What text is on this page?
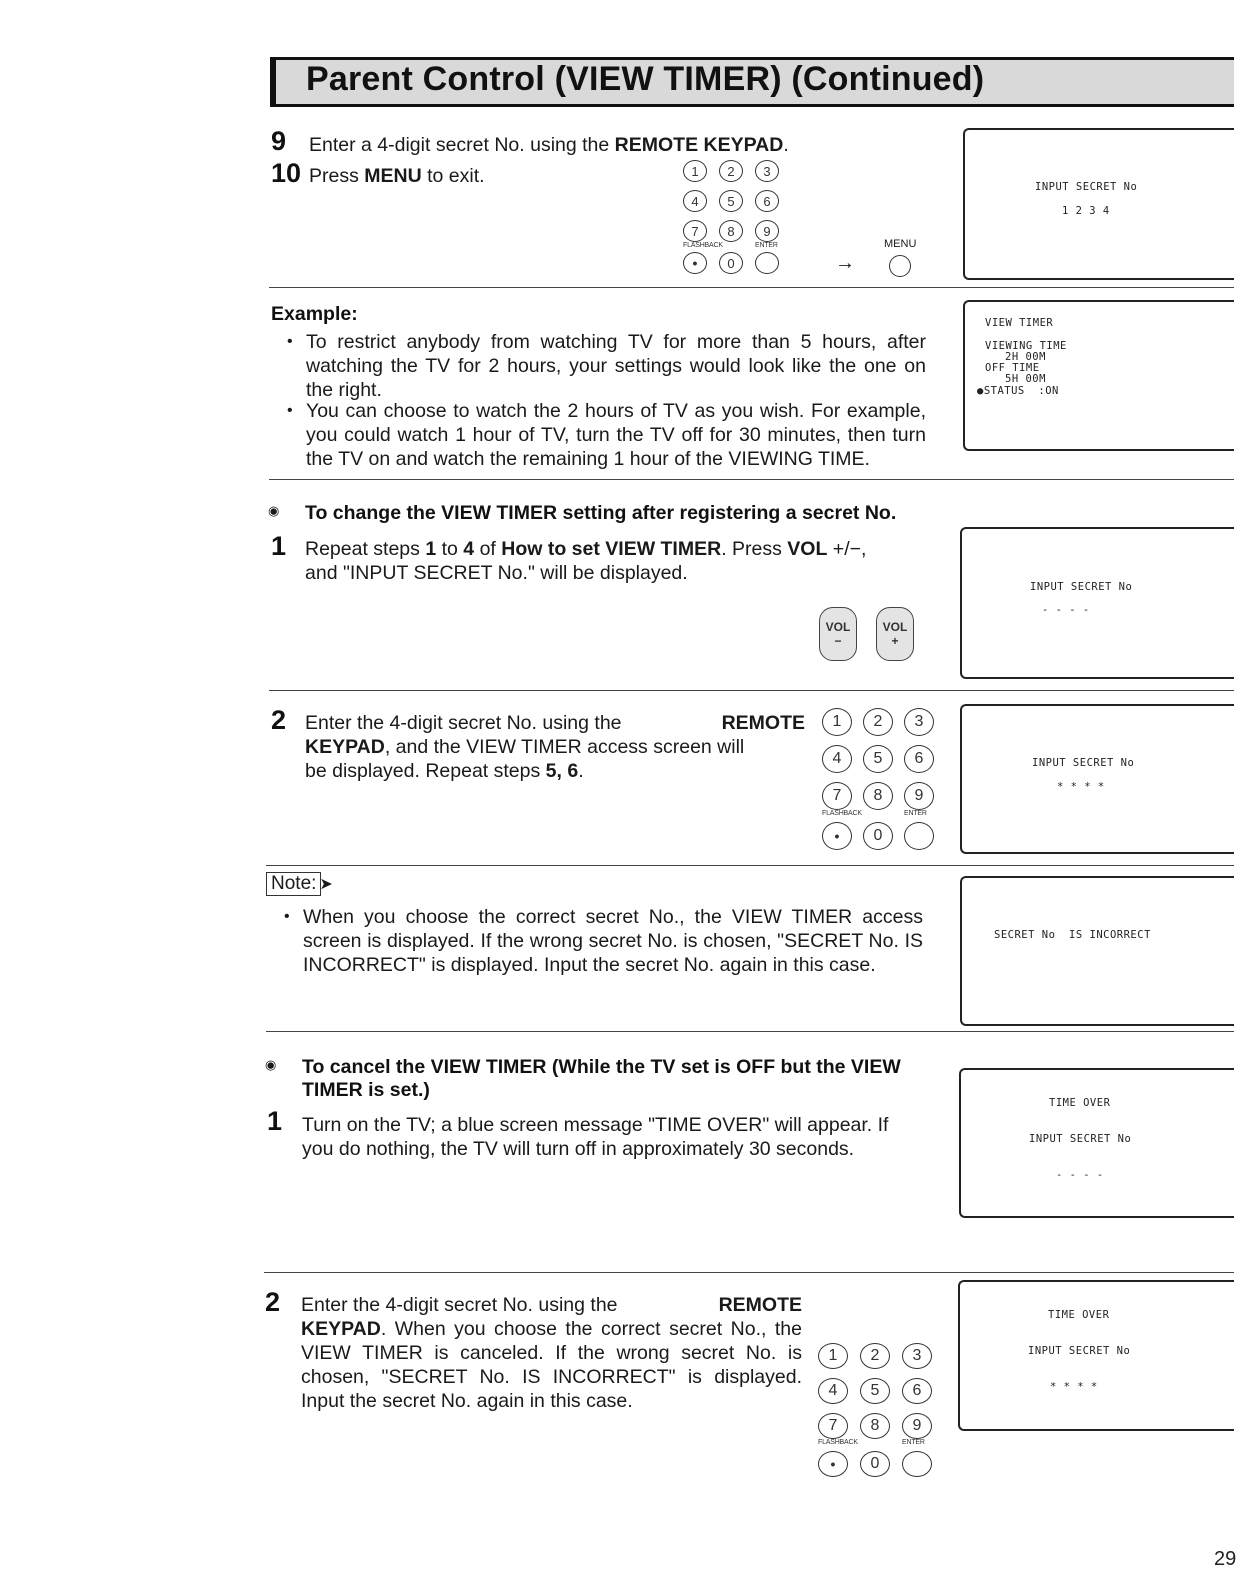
Parent Control (VIEW TIMER) (Continued)
9 Enter a 4-digit secret No. using the REMOTE KEYPAD.
10 Press MENU to exit.	1	2	3
4	5	6
7	8	9
FLASHBACK	ENTER
•	0	→
MENU
INPUT SECRET No
1 2 3 4
Example:
• To restrict anybody from watching TV for more than 5 hours, after watching the TV for 2 hours, your settings would look like the one on the right.
• You can choose to watch the 2 hours of TV as you wish. For example, you could watch 1 hour of TV, turn the TV off for 30 minutes, then turn the TV on and watch the remaining 1 hour of the VIEWING TIME.
VIEW TIMER
VIEWING TIME
2H 00M
OFF TIME
5H 00M
●STATUS  :ON
◉ To change the VIEW TIMER setting after registering a secret No.
1 Repeat steps 1 to 4 of How to set VIEW TIMER. Press VOL +/−,
and "INPUT SECRET No." will be displayed.
VOL
−
VOL
+
INPUT SECRET No
- - - -
2 Enter the 4-digit secret No. using the	REMOTE
KEYPAD, and the VIEW TIMER access screen will
be displayed. Repeat steps 5, 6.
1	2	3
4	5	6
7	8	9
FLASHBACK	ENTER
•	0
INPUT SECRET No
* * * *
Note: ➤
• When you choose the correct secret No., the VIEW TIMER access screen is displayed. If the wrong secret No. is chosen, "SECRET No. IS INCORRECT" is displayed. Input the secret No. again in this case.
SECRET No  IS INCORRECT
◉ To cancel the VIEW TIMER (While the TV set is OFF but the VIEW
TIMER is set.)
1 Turn on the TV; a blue screen message "TIME OVER" will appear. If you do nothing, the TV will turn off in approximately 30 seconds.
TIME OVER
INPUT SECRET No
- - - -
2 Enter the 4-digit secret No. using the	REMOTE
KEYPAD. When you choose the correct secret No., the VIEW TIMER is canceled. If the wrong secret No. is chosen, "SECRET No. IS INCORRECT" is displayed. Input the secret No. again in this case.
1	2	3
4	5	6
7	8	9
FLASHBACK	ENTER
•	0
TIME OVER
INPUT SECRET No
* * * *
29
